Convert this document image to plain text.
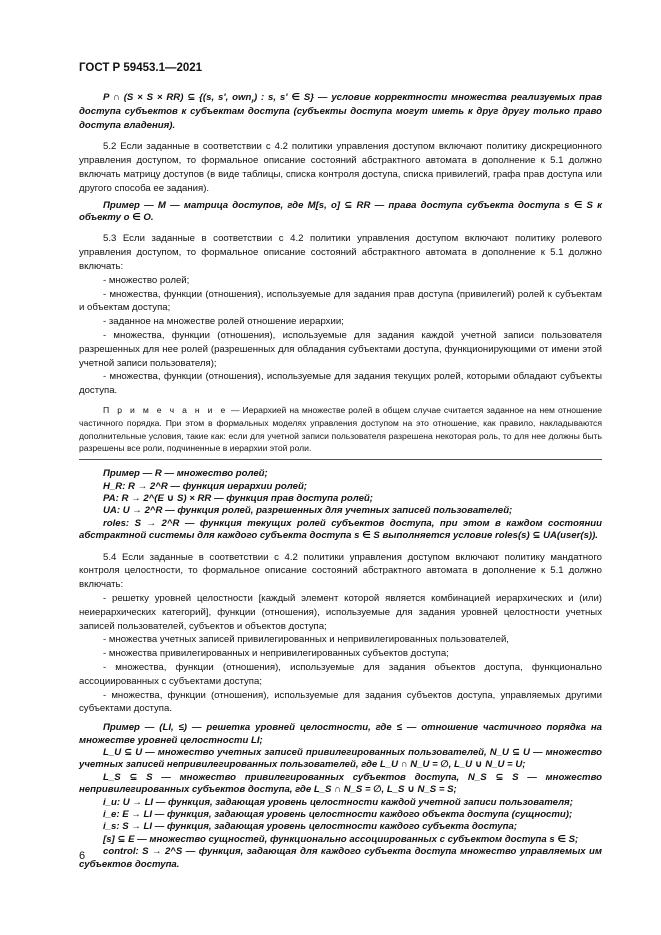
ГОСТ Р 59453.1—2021

P ∩ (S × S × RR) ⊆ {(s, s', own$_r$) : s, s' ∈ S} — условие корректности множества реализуемых прав доступа субъектов к субъектам доступа (субъекты доступа могут иметь к друг другу только право доступа владения).

5.2 Если заданные в соответствии с 4.2 политики управления доступом включают политику дискреционного управления доступом, то формальное описание состояний абстрактного автомата в дополнение к 5.1 должно включать матрицу доступов (в виде таблицы, списка контроля доступа, списка привилегий, графа прав доступа или другого способа ее задания).

Пример — M — матрица доступов, где M[s, o] ⊆ RR — права доступа субъекта доступа s ∈ S к объекту o ∈ O.

5.3 Если заданные в соответствии с 4.2 политики управления доступом включают политику ролевого управления доступом, то формальное описание состояний абстрактного автомата в дополнение к 5.1 должно включать:

- множество ролей;

- множества, функции (отношения), используемые для задания прав доступа (привилегий) ролей к субъектам и объектам доступа;

- заданное на множестве ролей отношение иерархии;

- множества, функции (отношения), используемые для задания каждой учетной записи пользователя разрешенных для нее ролей (разрешенных для обладания субъектами доступа, функционирующими от имени этой учетной записи пользователя);

- множества, функции (отношения), используемые для задания текущих ролей, которыми обладают субъекты доступа.

П р и м е ч а н и е — Иерархией на множестве ролей в общем случае считается заданное на нем отношение частичного порядка. При этом в формальных моделях управления доступом на это отношение, как правило, накладываются дополнительные условия, такие как: если для учетной записи пользователя разрешена некоторая роль, то для нее должны быть разрешены все роли, подчиненные в иерархии этой роли.

Пример — R — множество ролей;

H_R: R → 2^R — функция иерархии ролей;

PA: R → 2^(E ∪ S) × RR — функция прав доступа ролей;

UA: U → 2^R — функция ролей, разрешенных для учетных записей пользователей;

roles: S → 2^R — функция текущих ролей субъектов доступа, при этом в каждом состоянии абстрактной системы для каждого субъекта доступа s ∈ S выполняется условие roles(s) ⊆ UA(user(s)).

5.4 Если заданные в соответствии с 4.2 политики управления доступом включают политику мандатного контроля целостности, то формальное описание состояний абстрактного автомата в дополнение к 5.1 должно включать:

- решетку уровней целостности [каждый элемент которой является комбинацией иерархических и (или) неиерархических категорий], функции (отношения), используемые для задания уровней целостности учетных записей пользователей, субъектов и объектов доступа;

- множества учетных записей привилегированных и непривилегированных пользователей,

- множества привилегированных и непривилегированных субъектов доступа;

- множества, функции (отношения), используемые для задания объектов доступа, функционально ассоциированных с субъектами доступа;

- множества, функции (отношения), используемые для задания субъектов доступа, управляемых другими субъектами доступа.

Пример — (LI, ≤) — решетка уровней целостности, где ≤ — отношение частичного порядка на множестве уровней целостности LI;

L_U ⊆ U — множество учетных записей привилегированных пользователей, N_U ⊆ U — множество учетных записей непривилегированных пользователей, где L_U ∩ N_U = ∅, L_U ∪ N_U = U;

L_S ⊆ S — множество привилегированных субъектов доступа, N_S ⊆ S — множество непривилегированных субъектов доступа, где L_S ∩ N_S = ∅, L_S ∪ N_S = S;

i_u: U → LI — функция, задающая уровень целостности каждой учетной записи пользователя;

i_e: E → LI — функция, задающая уровень целостности каждого объекта доступа (сущности);

i_s: S → LI — функция, задающая уровень целостности каждого субъекта доступа;

[s] ⊆ E — множество сущностей, функционально ассоциированных с субъектом доступа s ∈ S;

control: S → 2^S — функция, задающая для каждого субъекта доступа множество управляемых им субъектов доступа.

6
